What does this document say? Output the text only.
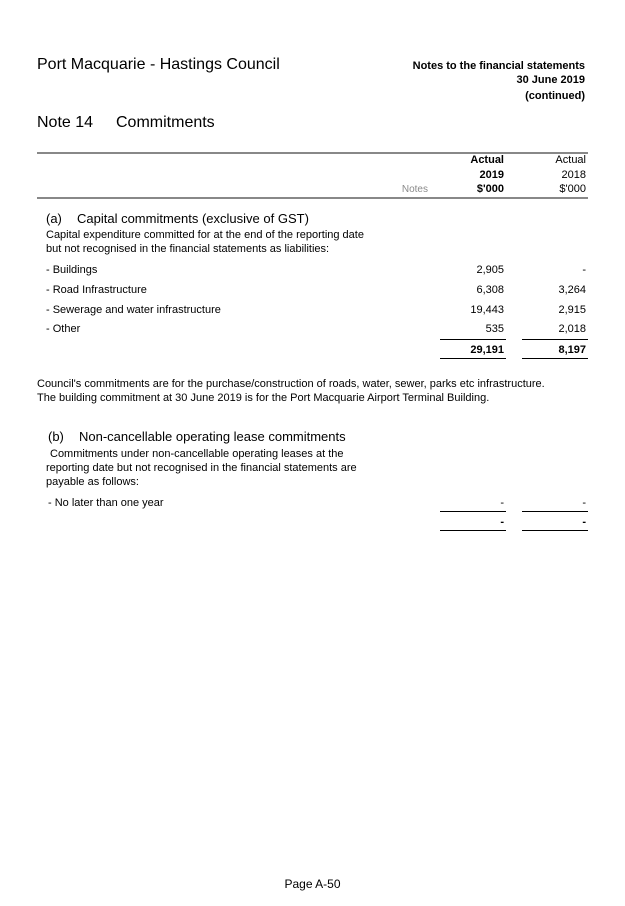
Port Macquarie - Hastings Council	Notes to the financial statements
30 June 2019
(continued)
Note 14 Commitments
Actual	Actual
2019	2018
Notes	$'000	$'000
(a) Capital commitments (exclusive of GST)
Capital expenditure committed for at the end of the reporting date
but not recognised in the financial statements as liabilities:
- Buildings	2,905	-
- Road Infrastructure	6,308	3,264
- Sewerage and water infrastructure	19,443	2,915
- Other	535	2,018
29,191	8,197
Council's commitments are for the purchase/construction of roads, water, sewer, parks etc infrastructure.
The building commitment at 30 June 2019 is for the Port Macquarie Airport Terminal Building.
(b) Non-cancellable operating lease commitments
Commitments under non-cancellable operating leases at the
reporting date but not recognised in the financial statements are
payable as follows:
- No later than one year	-	-
-	-
Page A-50
